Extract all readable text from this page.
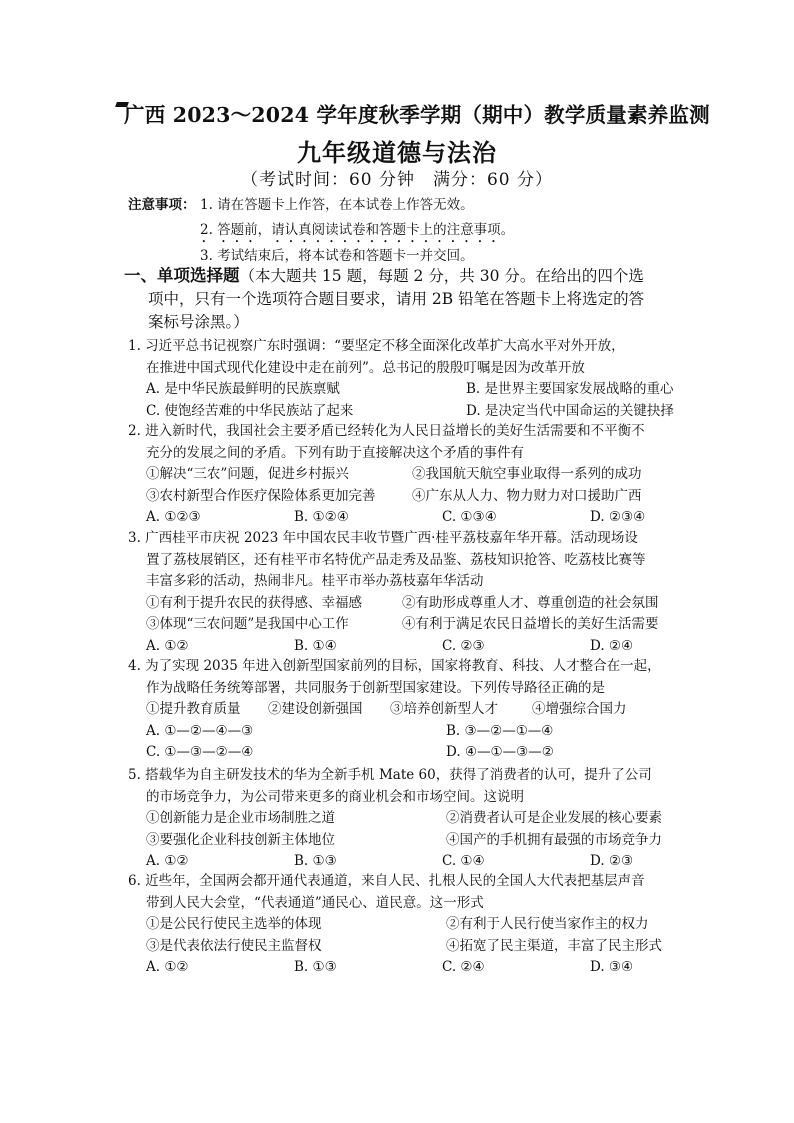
广西 2023～2024 学年度秋季学期（期中）教学质量素养监测
九年级道德与法治
（考试时间：60 分钟　满分：60 分）
注意事项： 1. 请在答题卡上作答，在本试卷上作答无效。
2. 答题前，请认真阅读试卷和答题卡上的注意事项。
3. 考试结束后，将本试卷和答题卡一并交回。
一、单项选择题（本大题共 15 题，每题 2 分，共 30 分。在给出的四个选
项中，只有一个选项符合题目要求，请用 2B 铅笔在答题卡上将选定的答
案标号涂黑。）
1. 习近平总书记视察广东时强调：“要坚定不移全面深化改革扩大高水平对外开放，
在推进中国式现代化建设中走在前列”。总书记的殷殷叮嘱是因为改革开放
A. 是中华民族最鲜明的民族禀赋	B. 是世界主要国家发展战略的重心
C. 使饱经苦难的中华民族站了起来	D. 是决定当代中国命运的关键抉择
2. 进入新时代，我国社会主要矛盾已经转化为人民日益增长的美好生活需要和不平衡不
充分的发展之间的矛盾。下列有助于直接解决这个矛盾的事件有
①解决“三农”问题，促进乡村振兴	②我国航天航空事业取得一系列的成功
③农村新型合作医疗保险体系更加完善	④广东从人力、物力财力对口援助广西
A. ①②③	B. ①②④	C. ①③④	D. ②③④
3. 广西桂平市庆祝 2023 年中国农民丰收节暨广西·桂平荔枝嘉年华开幕。活动现场设
置了荔枝展销区，还有桂平市名特优产品走秀及品鉴、荔枝知识抢答、吃荔枝比赛等
丰富多彩的活动，热闹非凡。桂平市举办荔枝嘉年华活动
①有利于提升农民的获得感、幸福感	②有助形成尊重人才、尊重创造的社会氛围
③体现“三农问题”是我国中心工作	④有利于满足农民日益增长的美好生活需要
A. ①②	B. ①④	C. ②③	D. ②④
4. 为了实现 2035 年进入创新型国家前列的目标，国家将教育、科技、人才整合在一起，
作为战略任务统筹部署，共同服务于创新型国家建设。下列传导路径正确的是
①提升教育质量	②建设创新强国	③培养创新型人才	④增强综合国力
A. ①—②—④—③	B. ③—②—①—④
C. ①—③—②—④	D. ④—①—③—②
5. 搭载华为自主研发技术的华为全新手机 Mate 60，获得了消费者的认可，提升了公司
的市场竞争力，为公司带来更多的商业机会和市场空间。这说明
①创新能力是企业市场制胜之道	②消费者认可是企业发展的核心要素
③要强化企业科技创新主体地位	④国产的手机拥有最强的市场竞争力
A. ①②	B. ①③	C. ①④	D. ②③
6. 近些年，全国两会都开通代表通道，来自人民、扎根人民的全国人大代表把基层声音
带到人民大会堂，“代表通道”通民心、道民意。这一形式
①是公民行使民主选举的体现	②有利于人民行使当家作主的权力
③是代表依法行使民主监督权	④拓宽了民主渠道，丰富了民主形式
A. ①②	B. ①③	C. ②④	D. ③④
